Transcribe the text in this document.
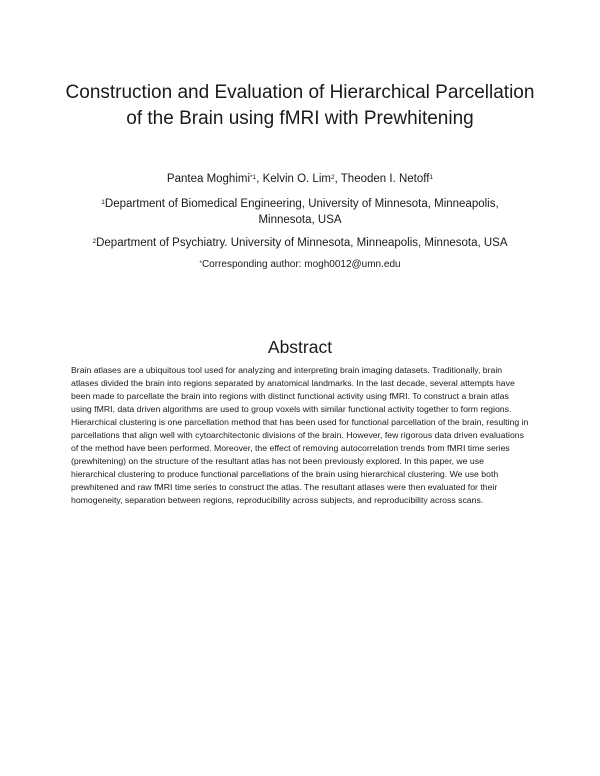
Construction and Evaluation of Hierarchical Parcellation of the Brain using fMRI with Prewhitening
Pantea Moghimi$^{*1}$, Kelvin O. Lim$^2$, Theoden I. Netoff$^1$
$^1$Department of Biomedical Engineering, University of Minnesota, Minneapolis, Minnesota, USA
$^2$Department of Psychiatry. University of Minnesota, Minneapolis, Minnesota, USA
*Corresponding author: mogh0012@umn.edu
Abstract
Brain atlases are a ubiquitous tool used for analyzing and interpreting brain imaging datasets. Traditionally, brain atlases divided the brain into regions separated by anatomical landmarks. In the last decade, several attempts have been made to parcellate the brain into regions with distinct functional activity using fMRI. To construct a brain atlas using fMRI, data driven algorithms are used to group voxels with similar functional activity together to form regions. Hierarchical clustering is one parcellation method that has been used for functional parcellation of the brain, resulting in parcellations that align well with cytoarchitectonic divisions of the brain. However, few rigorous data driven evaluations of the method have been performed. Moreover, the effect of removing autocorrelation trends from fMRI time series (prewhitening) on the structure of the resultant atlas has not been previously explored. In this paper, we use hierarchical clustering to produce functional parcellations of the brain using hierarchical clustering. We use both prewhitened and raw fMRI time series to construct the atlas. The resultant atlases were then evaluated for their homogeneity, separation between regions, reproducibility across subjects, and reproducibility across scans.
